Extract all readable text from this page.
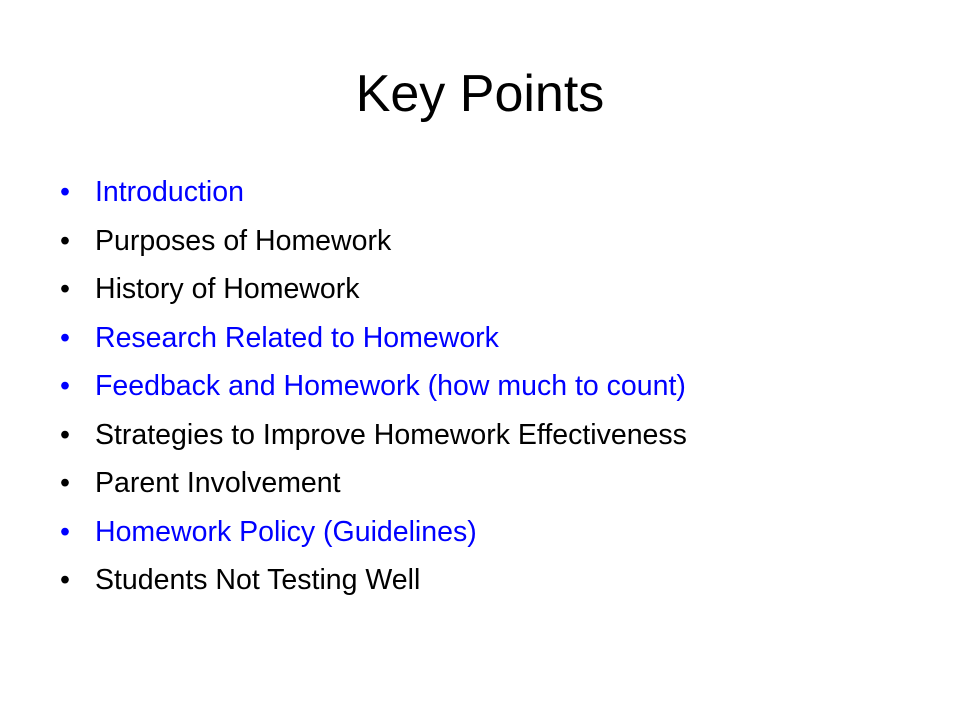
Key Points
• Introduction
• Purposes of Homework
• History of Homework
• Research Related to Homework
• Feedback and Homework (how much to count)
• Strategies to Improve Homework Effectiveness
• Parent Involvement
• Homework Policy (Guidelines)
• Students Not Testing Well
